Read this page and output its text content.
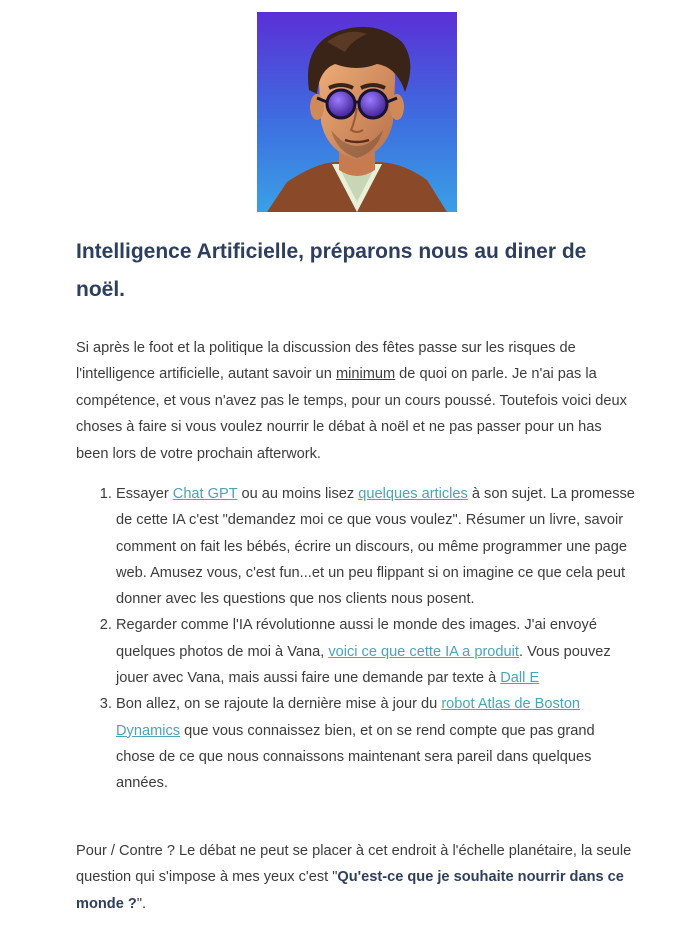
Intelligence Artificielle, préparons nous au diner de noël.

Si après le foot et la politique la discussion des fêtes passe sur les risques de l'intelligence artificielle, autant savoir un minimum de quoi on parle. Je n'ai pas la compétence, et vous n'avez pas le temps, pour un cours poussé. Toutefois voici deux choses à faire si vous voulez nourrir le débat à noël et ne pas passer pour un has been lors de votre prochain afterwork.

1. Essayer Chat GPT ou au moins lisez quelques articles à son sujet. La promesse de cette IA c'est "demandez moi ce que vous voulez". Résumer un livre, savoir comment on fait les bébés, écrire un discours, ou même programmer une page web. Amusez vous, c'est fun...et un peu flippant si on imagine ce que cela peut donner avec les questions que nos clients nous posent.
2. Regarder comme l'IA révolutionne aussi le monde des images. J'ai envoyé quelques photos de moi à Vana, voici ce que cette IA a produit. Vous pouvez jouer avec Vana, mais aussi faire une demande par texte à Dall E
3. Bon allez, on se rajoute la dernière mise à jour du robot Atlas de Boston Dynamics que vous connaissez bien, et on se rend compte que pas grand chose de ce que nous connaissons maintenant sera pareil dans quelques années.

Pour / Contre ? Le débat ne peut se placer à cet endroit à l'échelle planétaire, la seule question qui s'impose à mes yeux c'est "Qu'est-ce que je souhaite nourrir dans ce monde ?".
